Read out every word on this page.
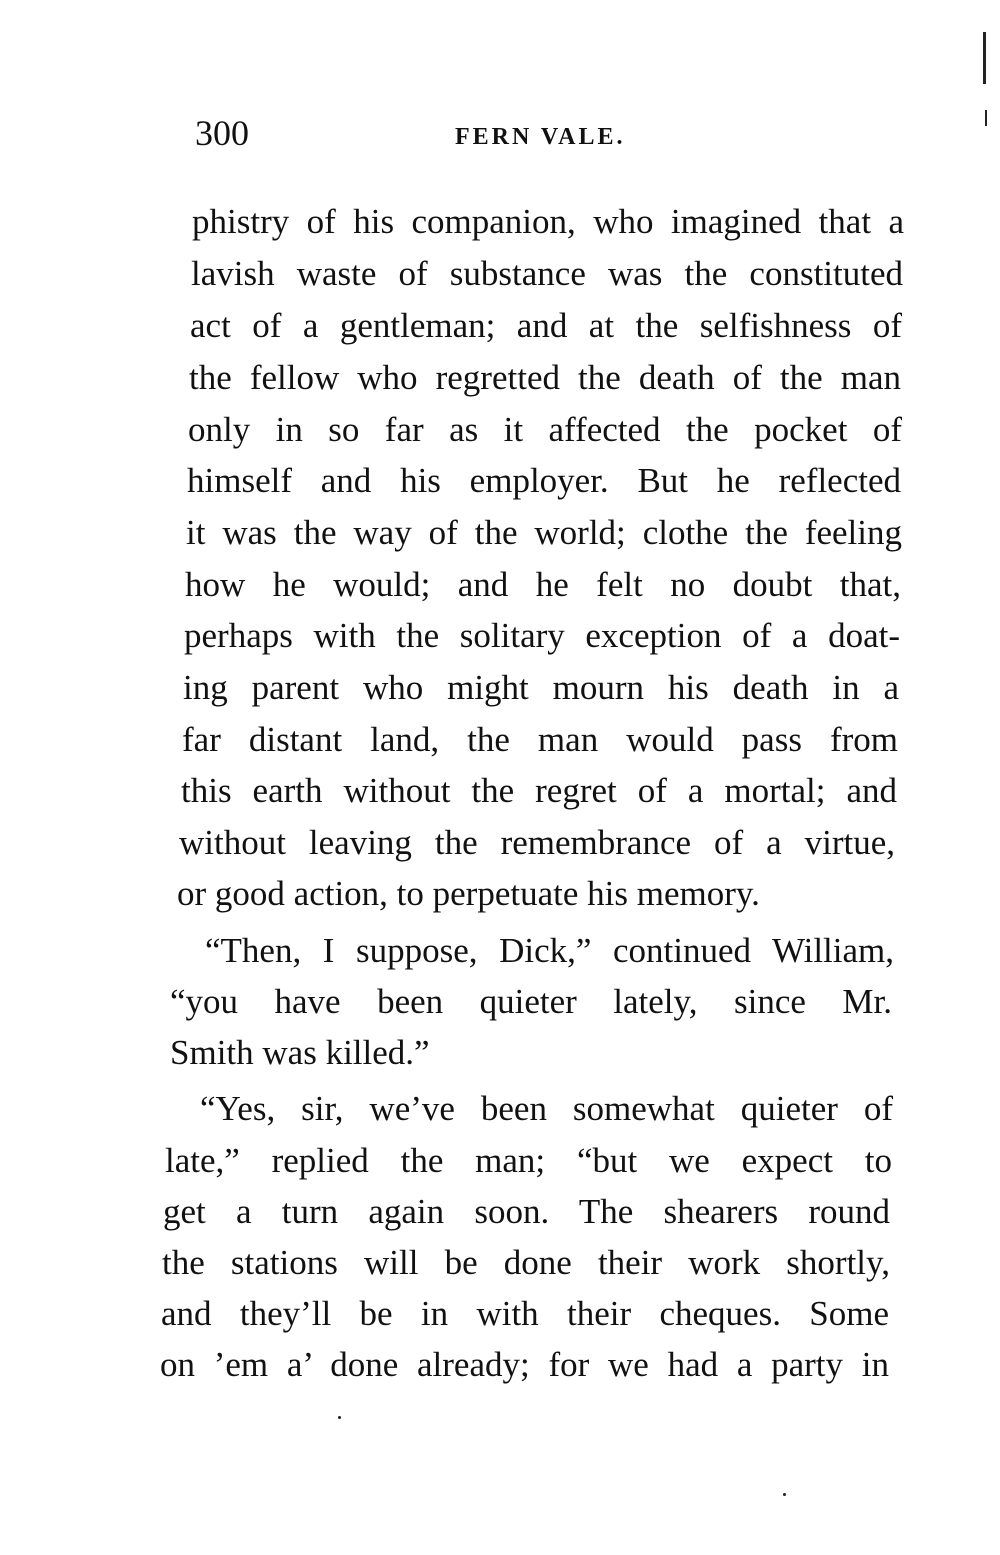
300	FERN VALE.
phistry of his companion, who imagined that a
lavish waste of substance was the constituted
act of a gentleman; and at the selfishness of
the fellow who regretted the death of the man
only in so far as it affected the pocket of
himself and his employer. But he reflected
it was the way of the world; clothe the feeling
how he would; and he felt no doubt that,
perhaps with the solitary exception of a doat-
ing parent who might mourn his death in a
far distant land, the man would pass from
this earth without the regret of a mortal; and
without leaving the remembrance of a virtue,
or good action, to perpetuate his memory.
“Then, I suppose, Dick,” continued William,
“you have been quieter lately, since Mr.
Smith was killed.”
“Yes, sir, we’ve been somewhat quieter of
late,” replied the man; “but we expect to
get a turn again soon. The shearers round
the stations will be done their work shortly,
and they’ll be in with their cheques. Some
on ’em a’ done already; for we had a party in
